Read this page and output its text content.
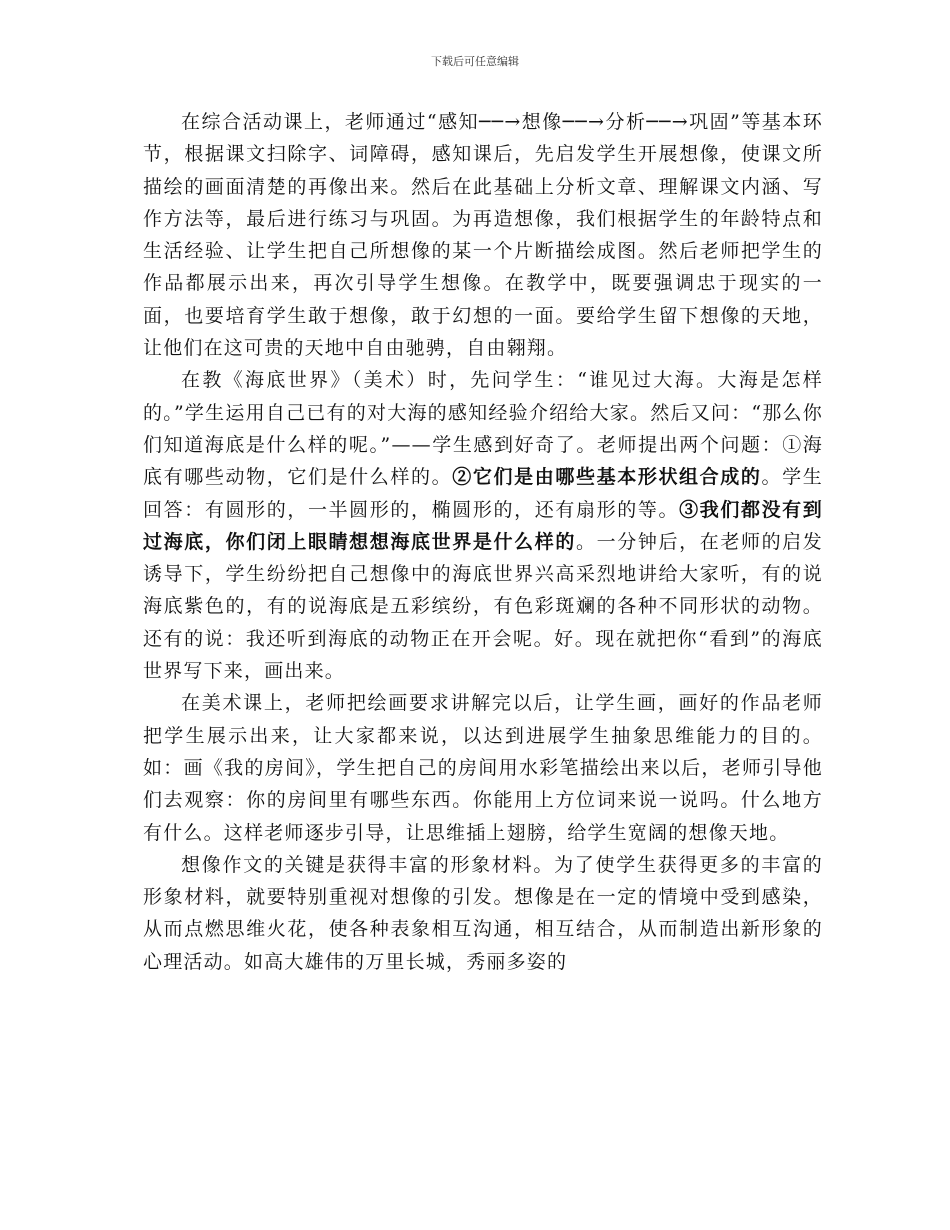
下载后可任意编辑

在综合活动课上，老师通过“感知──→想像──→分析──→巩固”等基本环节，根据课文扫除字、词障碍，感知课后，先启发学生开展想像，使课文所描绘的画面清楚的再像出来。然后在此基础上分析文章、理解课文内涵、写作方法等，最后进行练习与巩固。为再造想像，我们根据学生的年龄特点和生活经验、让学生把自己所想像的某一个片断描绘成图。然后老师把学生的作品都展示出来，再次引导学生想像。在教学中，既要强调忠于现实的一面，也要培育学生敢于想像，敢于幻想的一面。要给学生留下想像的天地，让他们在这可贵的天地中自由驰骋，自由翱翔。

在教《海底世界》（美术）时，先问学生：“谁见过大海。大海是怎样的。”学生运用自己已有的对大海的感知经验介绍给大家。然后又问：“那么你们知道海底是什么样的呢。”——学生感到好奇了。老师提出两个问题：①海底有哪些动物，它们是什么样的。②它们是由哪些基本形状组合成的。学生回答：有圆形的，一半圆形的，椭圆形的，还有扇形的等。③我们都没有到过海底，你们闭上眼睛想想海底世界是什么样的。一分钟后，在老师的启发诱导下，学生纷纷把自己想像中的海底世界兴高采烈地讲给大家听，有的说海底紫色的，有的说海底是五彩缤纷，有色彩斑斓的各种不同形状的动物。还有的说：我还听到海底的动物正在开会呢。好。现在就把你“看到”的海底世界写下来，画出来。

在美术课上，老师把绘画要求讲解完以后，让学生画，画好的作品老师把学生展示出来，让大家都来说，以达到进展学生抽象思维能力的目的。如：画《我的房间》，学生把自己的房间用水彩笔描绘出来以后，老师引导他们去观察：你的房间里有哪些东西。你能用上方位词来说一说吗。什么地方有什么。这样老师逐步引导，让思维插上翅膀，给学生宽阔的想像天地。

想像作文的关键是获得丰富的形象材料。为了使学生获得更多的丰富的形象材料，就要特别重视对想像的引发。想像是在一定的情境中受到感染，从而点燃思维火花，使各种表象相互沟通，相互结合，从而制造出新形象的心理活动。如高大雄伟的万里长城，秀丽多姿的
